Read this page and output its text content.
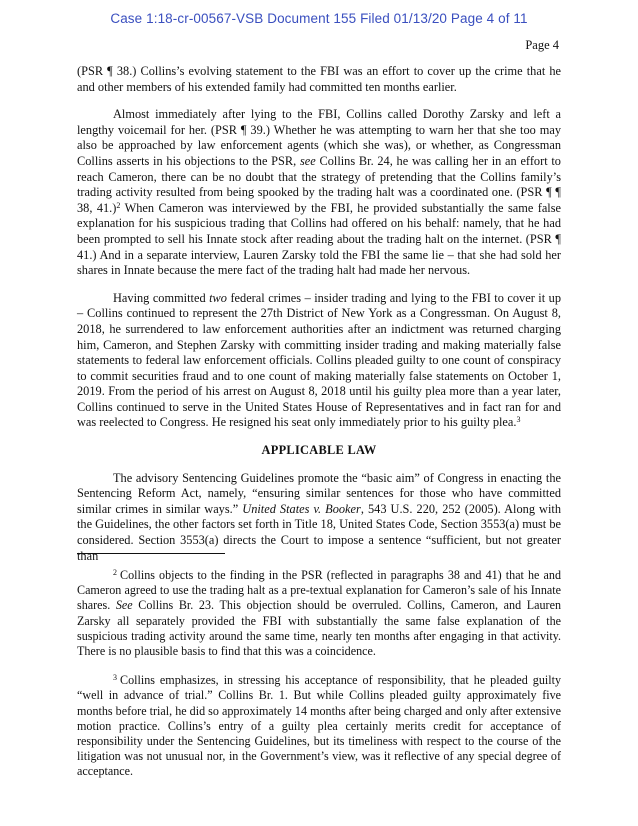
Case 1:18-cr-00567-VSB Document 155 Filed 01/13/20 Page 4 of 11
Page 4

(PSR ¶ 38.) Collins’s evolving statement to the FBI was an effort to cover up the crime that he and other members of his extended family had committed ten months earlier.

Almost immediately after lying to the FBI, Collins called Dorothy Zarsky and left a lengthy voicemail for her. (PSR ¶ 39.) Whether he was attempting to warn her that she too may also be approached by law enforcement agents (which she was), or whether, as Congressman Collins asserts in his objections to the PSR, see Collins Br. 24, he was calling her in an effort to reach Cameron, there can be no doubt that the strategy of pretending that the Collins family’s trading activity resulted from being spooked by the trading halt was a coordinated one. (PSR ¶ ¶ 38, 41.)$^2$ When Cameron was interviewed by the FBI, he provided substantially the same false explanation for his suspicious trading that Collins had offered on his behalf: namely, that he had been prompted to sell his Innate stock after reading about the trading halt on the internet. (PSR ¶ 41.) And in a separate interview, Lauren Zarsky told the FBI the same lie – that she had sold her shares in Innate because the mere fact of the trading halt had made her nervous.

Having committed two federal crimes – insider trading and lying to the FBI to cover it up – Collins continued to represent the 27th District of New York as a Congressman. On August 8, 2018, he surrendered to law enforcement authorities after an indictment was returned charging him, Cameron, and Stephen Zarsky with committing insider trading and making materially false statements to federal law enforcement officials. Collins pleaded guilty to one count of conspiracy to commit securities fraud and to one count of making materially false statements on October 1, 2019. From the period of his arrest on August 8, 2018 until his guilty plea more than a year later, Collins continued to serve in the United States House of Representatives and in fact ran for and was reelected to Congress. He resigned his seat only immediately prior to his guilty plea.$^3$

APPLICABLE LAW

The advisory Sentencing Guidelines promote the “basic aim” of Congress in enacting the Sentencing Reform Act, namely, “ensuring similar sentences for those who have committed similar crimes in similar ways.” United States v. Booker, 543 U.S. 220, 252 (2005). Along with the Guidelines, the other factors set forth in Title 18, United States Code, Section 3553(a) must be considered. Section 3553(a) directs the Court to impose a sentence “sufficient, but not greater than

$^2$ Collins objects to the finding in the PSR (reflected in paragraphs 38 and 41) that he and Cameron agreed to use the trading halt as a pre-textual explanation for Cameron’s sale of his Innate shares. See Collins Br. 23. This objection should be overruled. Collins, Cameron, and Lauren Zarsky all separately provided the FBI with substantially the same false explanation of the suspicious trading activity around the same time, nearly ten months after engaging in that activity. There is no plausible basis to find that this was a coincidence.

$^3$ Collins emphasizes, in stressing his acceptance of responsibility, that he pleaded guilty “well in advance of trial.” Collins Br. 1. But while Collins pleaded guilty approximately five months before trial, he did so approximately 14 months after being charged and only after extensive motion practice. Collins’s entry of a guilty plea certainly merits credit for acceptance of responsibility under the Sentencing Guidelines, but its timeliness with respect to the course of the litigation was not unusual nor, in the Government’s view, was it reflective of any special degree of acceptance.
